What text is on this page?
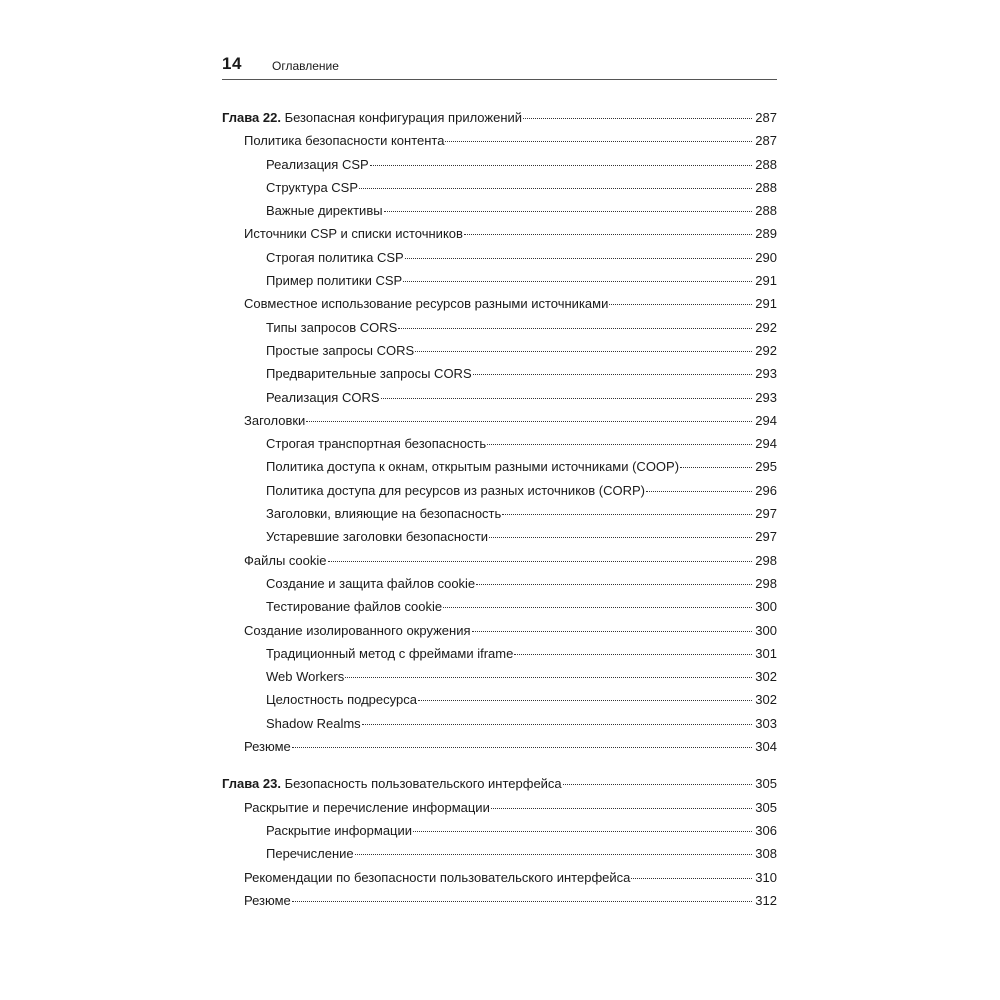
14	Оглавление
Глава 22. Безопасная конфигурация приложений	287
Политика безопасности контента	287
Реализация CSP	288
Структура CSP	288
Важные директивы	288
Источники CSP и списки источников	289
Строгая политика CSP	290
Пример политики CSP	291
Совместное использование ресурсов разными источниками	291
Типы запросов CORS	292
Простые запросы CORS	292
Предварительные запросы CORS	293
Реализация CORS	293
Заголовки	294
Строгая транспортная безопасность	294
Политика доступа к окнам, открытым разными источниками (COOP)	295
Политика доступа для ресурсов из разных источников (CORP)	296
Заголовки, влияющие на безопасность	297
Устаревшие заголовки безопасности	297
Файлы cookie	298
Создание и защита файлов cookie	298
Тестирование файлов cookie	300
Создание изолированного окружения	300
Традиционный метод с фреймами iframe	301
Web Workers	302
Целостность подресурса	302
Shadow Realms	303
Резюме	304
Глава 23. Безопасность пользовательского интерфейса	305
Раскрытие и перечисление информации	305
Раскрытие информации	306
Перечисление	308
Рекомендации по безопасности пользовательского интерфейса	310
Резюме	312
